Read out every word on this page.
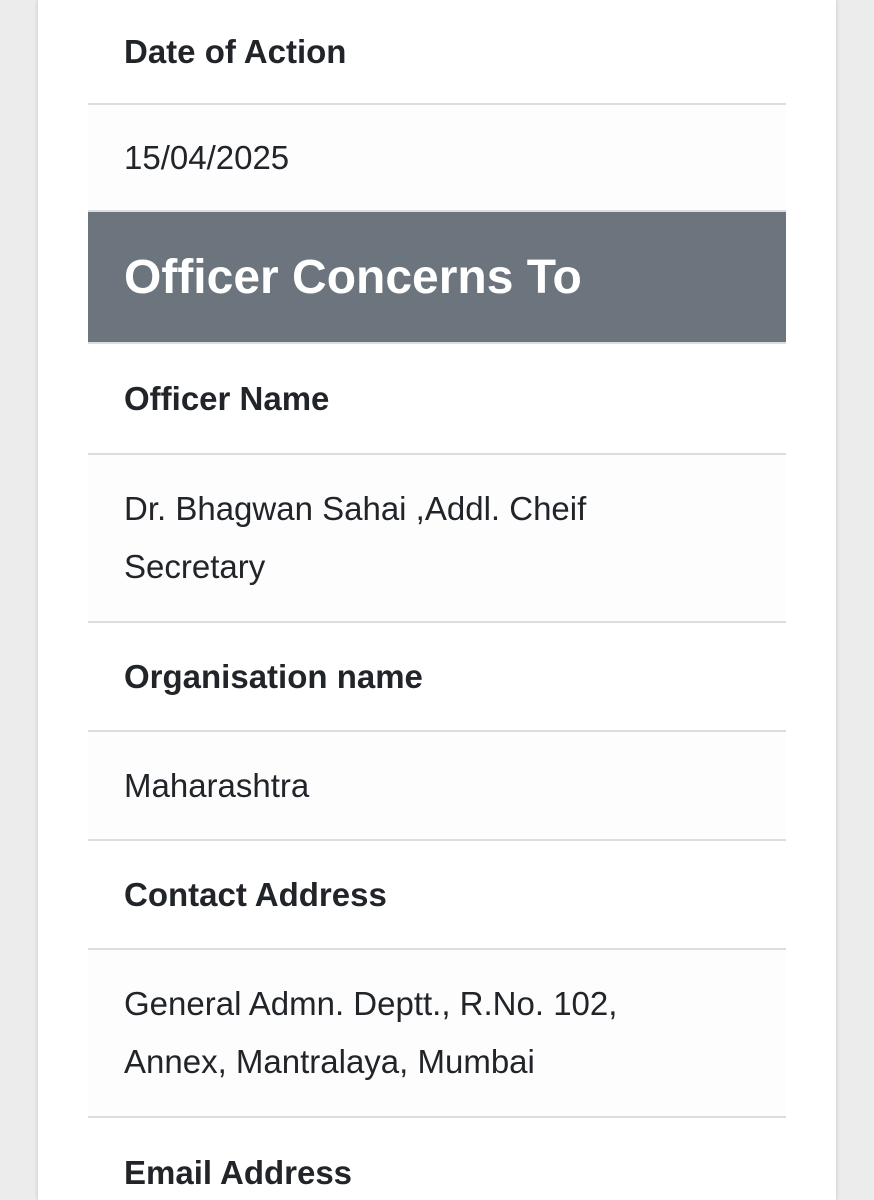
Date of Action
15/04/2025
Officer Concerns To
Officer Name
Dr. Bhagwan Sahai ,Addl. Cheif Secretary
Organisation name
Maharashtra
Contact Address
General Admn. Deptt., R.No. 102, Annex, Mantralaya, Mumbai
Email Address
